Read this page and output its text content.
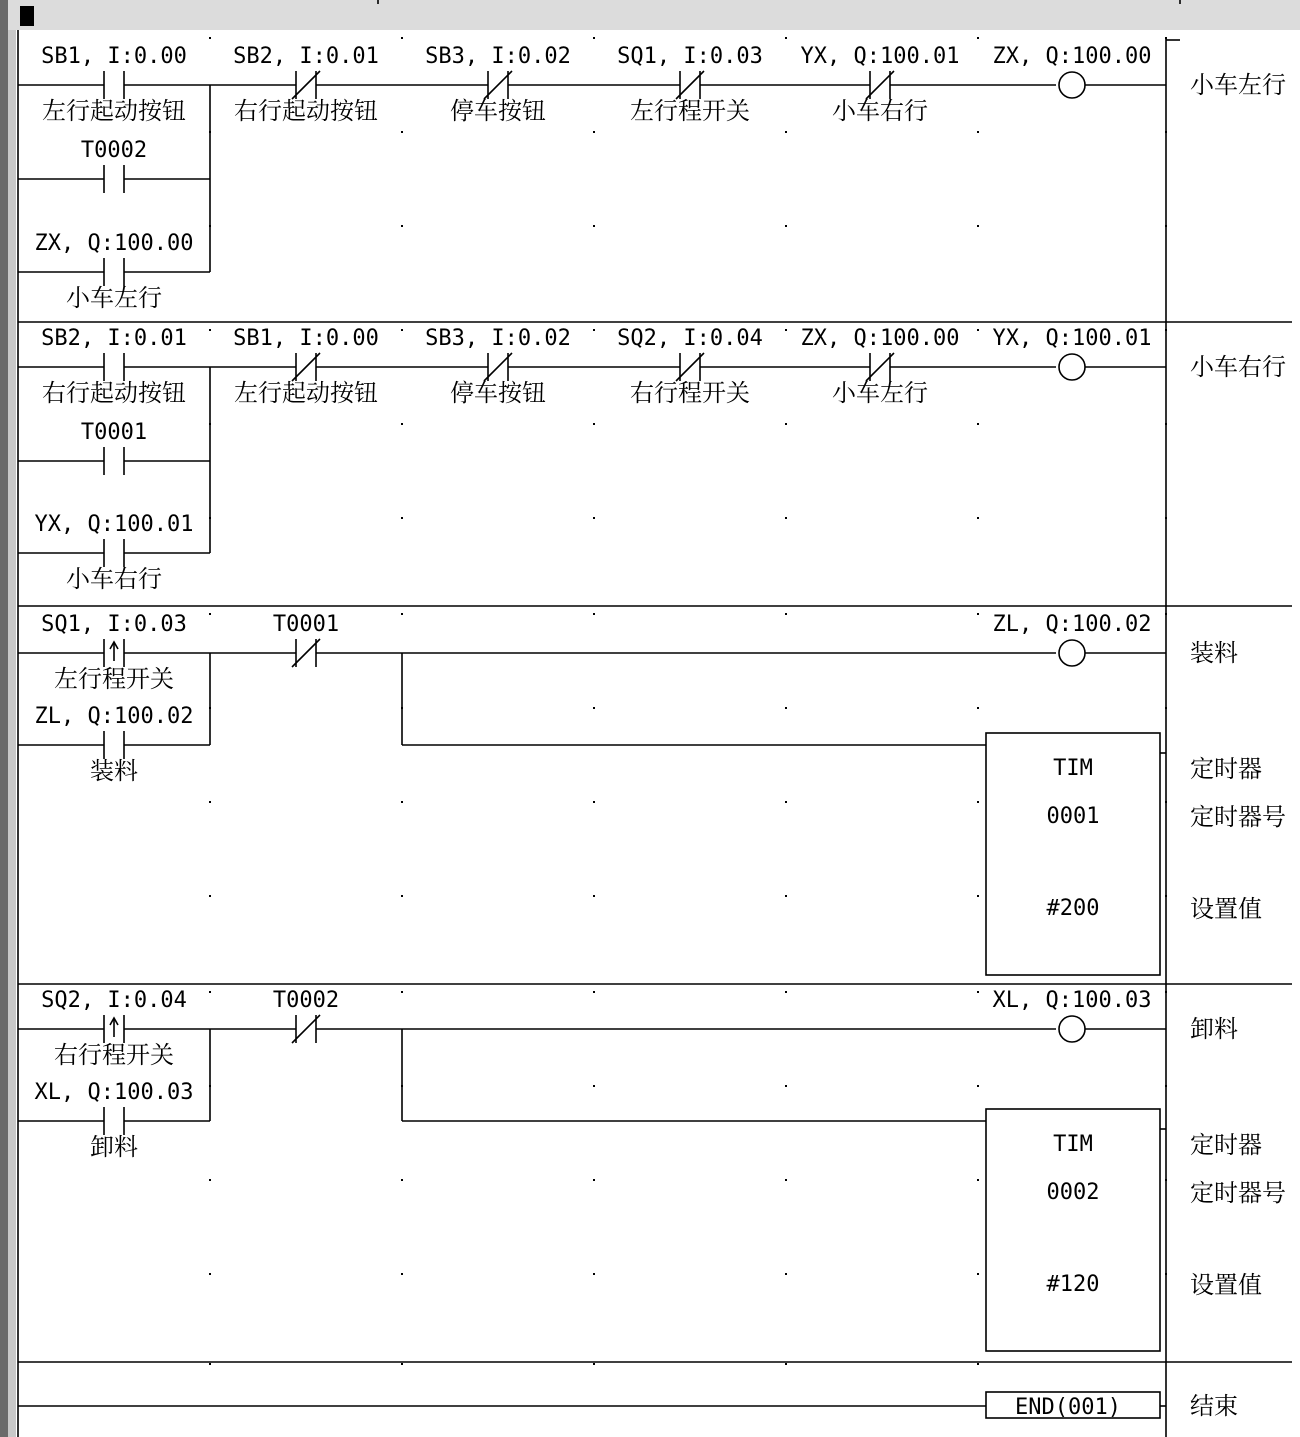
SB1, I:0.00
左行起动按钮
SB2, I:0.01
右行起动按钮
SB3, I:0.02
停车按钮
SQ1, I:0.03
左行程开关
YX, Q:100.01
小车右行
ZX, Q:100.00
小车左行
T0002
ZX, Q:100.00
小车左行
SB2, I:0.01
右行起动按钮
SB1, I:0.00
左行起动按钮
SB3, I:0.02
停车按钮
SQ2, I:0.04
右行程开关
ZX, Q:100.00
小车左行
YX, Q:100.01
小车右行
T0001
YX, Q:100.01
小车右行
SQ1, I:0.03
左行程开关
T0001	ZL, Q:100.02
装料
ZL, Q:100.02
装料	TIM
0001
#200
定时器
定时器号
设置值
SQ2, I:0.04
右行程开关
T0002	XL, Q:100.03
卸料
XL, Q:100.03
卸料	TIM
0002
#120
定时器
定时器号
设置值
END(001)	结束
